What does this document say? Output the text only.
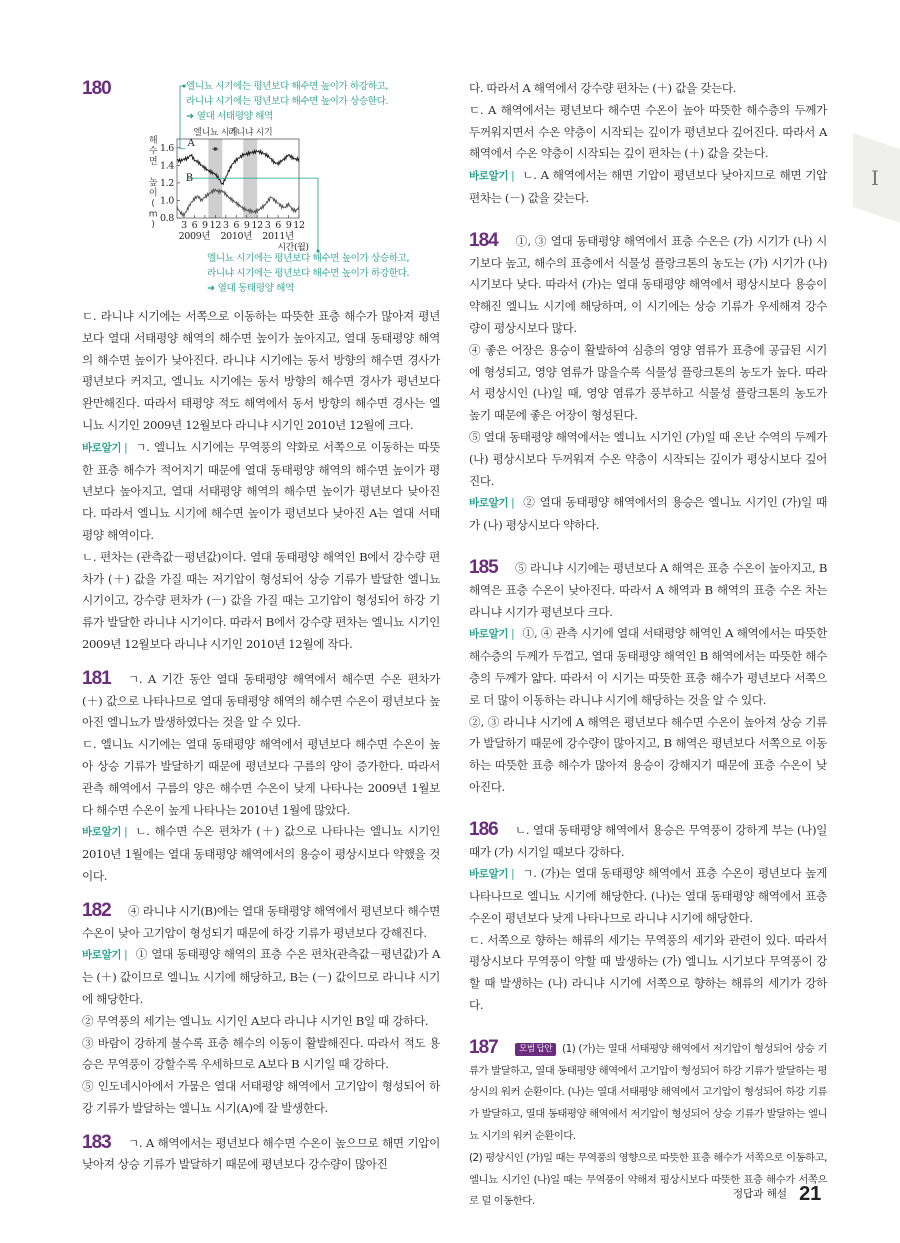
I
180	엘니뇨 시기에는 평년보다 해수면 높이가 하강하고,
라니냐 시기에는 평년보다 해수면 높이가 상승한다.
➜ 열대 서태평양 해역
엘니뇨 시기
라니냐 시기
0.8
1.0
1.2
1.4
1.6
해
수
면
높
이
(
m
)	3 6 9 12 3 6 9 12 3 6 9 12
2009년 2010년 2011년
시간(월)
A
B
엘니뇨 시기에는 평년보다 해수면 높이가 상승하고,
라니냐 시기에는 평년보다 해수면 높이가 하강한다.
➜ 열대 동태평양 해역

ㄷ. 라니냐 시기에는 서쪽으로 이동하는 따뜻한 표층 해수가 많아져 평년보다 열대 서태평양 해역의 해수면 높이가 높아지고, 열대 동태평양 해역의 해수면 높이가 낮아진다. 라니냐 시기에는 동서 방향의 해수면 경사가 평년보다 커지고, 엘니뇨 시기에는 동서 방향의 해수면 경사가 평년보다 완만해진다. 따라서 태평양 적도 해역에서 동서 방향의 해수면 경사는 엘니뇨 시기인 2009년 12월보다 라니냐 시기인 2010년 12월에 크다.

바로알기 | ㄱ. 엘니뇨 시기에는 무역풍의 약화로 서쪽으로 이동하는 따뜻한 표층 해수가 적어지기 때문에 열대 동태평양 해역의 해수면 높이가 평년보다 높아지고, 열대 서태평양 해역의 해수면 높이가 평년보다 낮아진다. 따라서 엘니뇨 시기에 해수면 높이가 평년보다 낮아진 A는 열대 서태평양 해역이다.

ㄴ. 편차는 (관측값－평년값)이다. 열대 동태평양 해역인 B에서 강수량 편차가 (＋) 값을 가질 때는 저기압이 형성되어 상승 기류가 발달한 엘니뇨 시기이고, 강수량 편차가 (－) 값을 가질 때는 고기압이 형성되어 하강 기류가 발달한 라니냐 시기이다. 따라서 B에서 강수량 편차는 엘니뇨 시기인 2009년 12월보다 라니냐 시기인 2010년 12월에 작다.

181 ㄱ. A 기간 동안 열대 동태평양 해역에서 해수면 수온 편차가 (＋) 값으로 나타나므로 열대 동태평양 해역의 해수면 수온이 평년보다 높아진 엘니뇨가 발생하였다는 것을 알 수 있다.

ㄷ. 엘니뇨 시기에는 열대 동태평양 해역에서 평년보다 해수면 수온이 높아 상승 기류가 발달하기 때문에 평년보다 구름의 양이 증가한다. 따라서 관측 해역에서 구름의 양은 해수면 수온이 낮게 나타나는 2009년 1월보다 해수면 수온이 높게 나타나는 2010년 1월에 많았다.

바로알기 | ㄴ. 해수면 수온 편차가 (＋) 값으로 나타나는 엘니뇨 시기인 2010년 1월에는 열대 동태평양 해역에서의 용승이 평상시보다 약했을 것이다.

182 ④ 라니냐 시기(B)에는 열대 동태평양 해역에서 평년보다 해수면 수온이 낮아 고기압이 형성되기 때문에 하강 기류가 평년보다 강해진다.

바로알기 | ① 열대 동태평양 해역의 표층 수온 편차(관측값－평년값)가 A는 (＋) 값이므로 엘니뇨 시기에 해당하고, B는 (－) 값이므로 라니냐 시기에 해당한다.

② 무역풍의 세기는 엘니뇨 시기인 A보다 라니냐 시기인 B일 때 강하다.

③ 바람이 강하게 불수록 표층 해수의 이동이 활발해진다. 따라서 적도 용승은 무역풍이 강할수록 우세하므로 A보다 B 시기일 때 강하다.

⑤ 인도네시아에서 가뭄은 열대 서태평양 해역에서 고기압이 형성되어 하강 기류가 발달하는 엘니뇨 시기(A)에 잘 발생한다.

183 ㄱ. A 해역에서는 평년보다 해수면 수온이 높으므로 해면 기압이 낮아져 상승 기류가 발달하기 때문에 평년보다 강수량이 많아진

다. 따라서 A 해역에서 강수량 편차는 (＋) 값을 갖는다.

ㄷ. A 해역에서는 평년보다 해수면 수온이 높아 따뜻한 해수층의 두께가 두꺼워지면서 수온 약층이 시작되는 깊이가 평년보다 깊어진다. 따라서 A 해역에서 수온 약층이 시작되는 깊이 편차는 (＋) 값을 갖는다.

바로알기 | ㄴ. A 해역에서는 해면 기압이 평년보다 낮아지므로 해면 기압 편차는 (－) 값을 갖는다.

184 ①, ③ 열대 동태평양 해역에서 표층 수온은 (가) 시기가 (나) 시기보다 높고, 해수의 표층에서 식물성 플랑크톤의 농도는 (가) 시기가 (나) 시기보다 낮다. 따라서 (가)는 열대 동태평양 해역에서 평상시보다 용승이 약해진 엘니뇨 시기에 해당하며, 이 시기에는 상승 기류가 우세해져 강수량이 평상시보다 많다.

④ 좋은 어장은 용승이 활발하여 심층의 영양 염류가 표층에 공급된 시기에 형성되고, 영양 염류가 많을수록 식물성 플랑크톤의 농도가 높다. 따라서 평상시인 (나)일 때, 영양 염류가 풍부하고 식물성 플랑크톤의 농도가 높기 때문에 좋은 어장이 형성된다.

⑤ 열대 동태평양 해역에서는 엘니뇨 시기인 (가)일 때 온난 수역의 두께가 (나) 평상시보다 두꺼워져 수온 약층이 시작되는 깊이가 평상시보다 깊어진다.

바로알기 | ② 열대 동태평양 해역에서의 용승은 엘니뇨 시기인 (가)일 때가 (나) 평상시보다 약하다.

185 ⑤ 라니냐 시기에는 평년보다 A 해역은 표층 수온이 높아지고, B 해역은 표층 수온이 낮아진다. 따라서 A 해역과 B 해역의 표층 수온 차는 라니냐 시기가 평년보다 크다.

바로알기 | ①, ④ 관측 시기에 열대 서태평양 해역인 A 해역에서는 따뜻한 해수층의 두께가 두껍고, 열대 동태평양 해역인 B 해역에서는 따뜻한 해수층의 두께가 얇다. 따라서 이 시기는 따뜻한 표층 해수가 평년보다 서쪽으로 더 많이 이동하는 라니냐 시기에 해당하는 것을 알 수 있다.

②, ③ 라니냐 시기에 A 해역은 평년보다 해수면 수온이 높아져 상승 기류가 발달하기 때문에 강수량이 많아지고, B 해역은 평년보다 서쪽으로 이동하는 따뜻한 표층 해수가 많아져 용승이 강해지기 때문에 표층 수온이 낮아진다.

186 ㄴ. 열대 동태평양 해역에서 용승은 무역풍이 강하게 부는 (나)일 때가 (가) 시기일 때보다 강하다.

바로알기 | ㄱ. (가)는 열대 동태평양 해역에서 표층 수온이 평년보다 높게 나타나므로 엘니뇨 시기에 해당한다. (나)는 열대 동태평양 해역에서 표층 수온이 평년보다 낮게 나타나므로 라니냐 시기에 해당한다.

ㄷ. 서쪽으로 향하는 해류의 세기는 무역풍의 세기와 관련이 있다. 따라서 평상시보다 무역풍이 약할 때 발생하는 (가) 엘니뇨 시기보다 무역풍이 강할 때 발생하는 (나) 라니냐 시기에 서쪽으로 향하는 해류의 세기가 강하다.

187	모범 답안 (1) (가)는 열대 서태평양 해역에서 저기압이 형성되어 상승 기류가 발달하고, 열대 동태평양 해역에서 고기압이 형성되어 하강 기류가 발달하는 평상시의 워커 순환이다. (나)는 열대 서태평양 해역에서 고기압이 형성되어 하강 기류가 발달하고, 열대 동태평양 해역에서 저기압이 형성되어 상승 기류가 발달하는 엘니뇨 시기의 워커 순환이다.

(2) 평상시인 (가)일 때는 무역풍의 영향으로 따뜻한 표층 해수가 서쪽으로 이동하고, 엘니뇨 시기인 (나)일 때는 무역풍이 약해져 평상시보다 따뜻한 표층 해수가 서쪽으로 덜 이동한다.

정답과 해설 21
